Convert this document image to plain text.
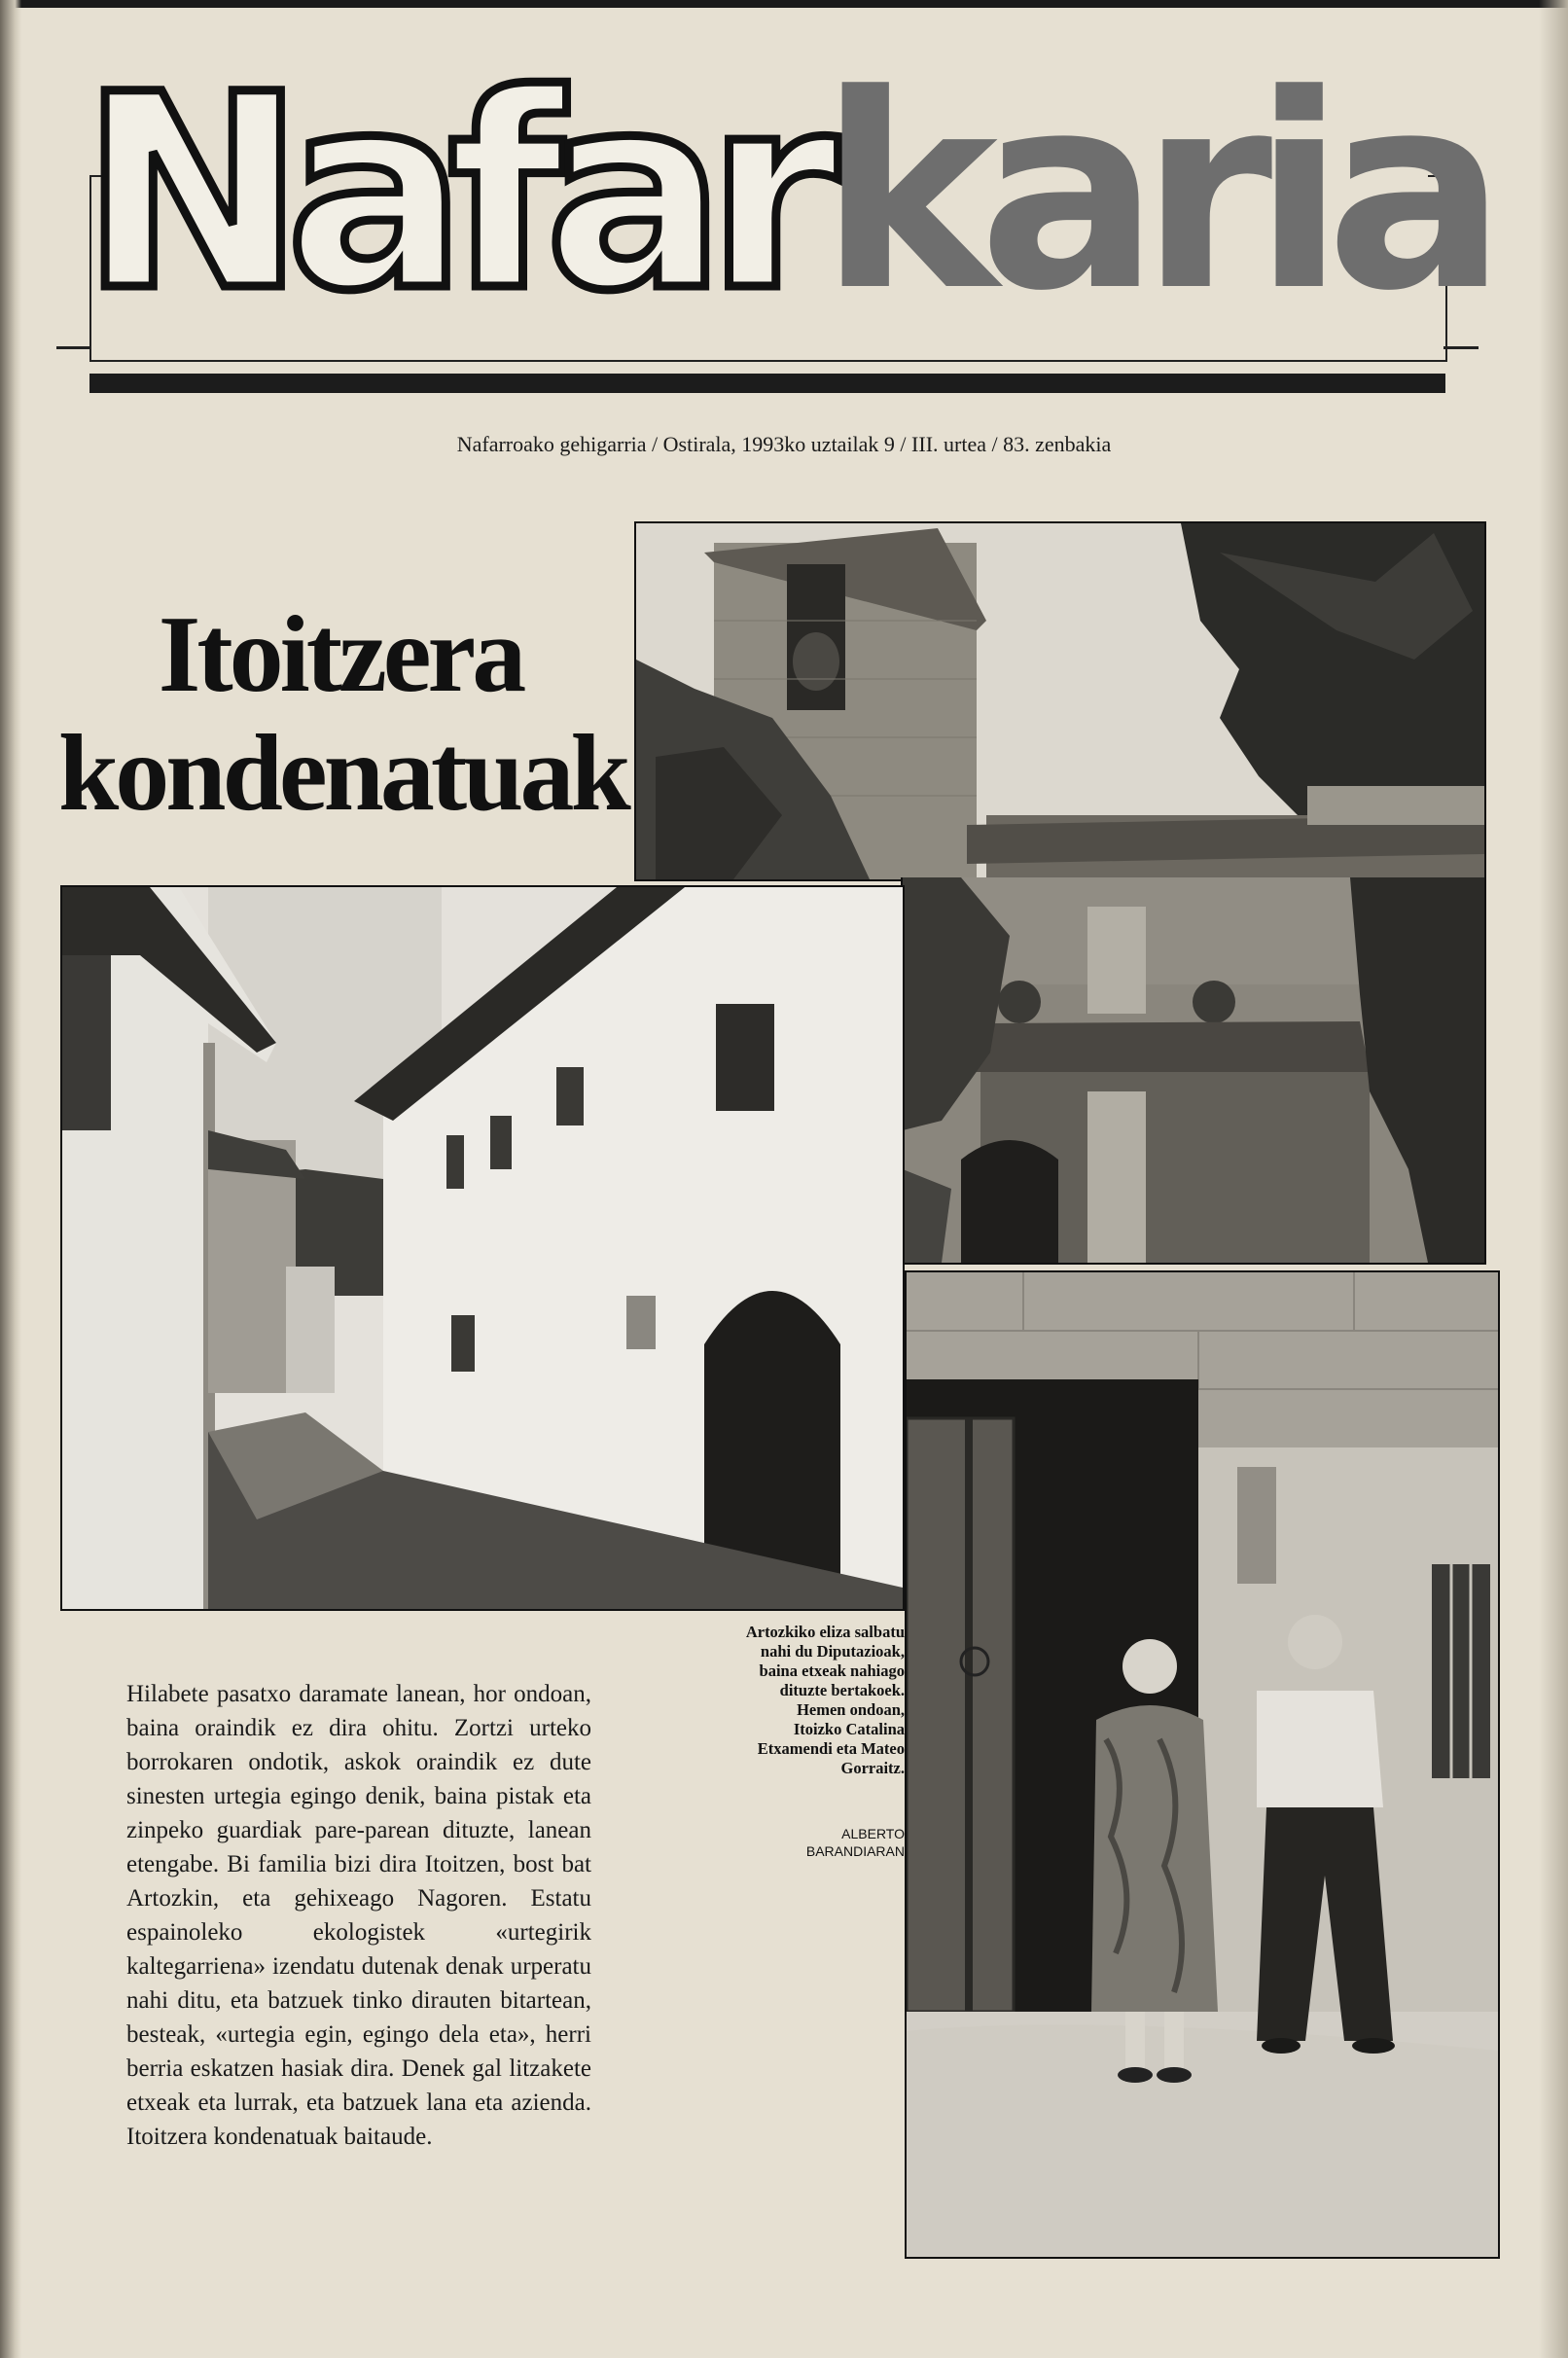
Nafarkaria
Nafarroako gehigarria / Ostirala, 1993ko uztailak 9 / III. urtea / 83. zenbakia
Itoitzera
kondenatuak
Hilabete pasatxo daramate lanean, hor ondoan, baina oraindik ez dira ohitu. Zortzi urteko borrokaren ondotik, askok oraindik ez dute sinesten urtegia egingo denik, baina pistak eta zinpeko guardiak pare-parean dituzte, lanean etengabe. Bi familia bizi dira Itoitzen, bost bat Artozkin, eta gehixeago Nagoren. Estatu espainoleko ekologistek «urtegirik kaltegarriena» izendatu dutenak denak urperatu nahi ditu, eta batzuek tinko dirauten bitartean, besteak, «urtegia egin, egingo dela eta», herri berria eskatzen hasiak dira. Denek gal litzakete etxeak eta lurrak, eta batzuek lana eta azienda. Itoitzera kondenatuak baitaude.
Artozkiko eliza salbatu nahi du Diputazioak, baina etxeak nahiago dituzte bertakoek. Hemen ondoan, Itoizko Catalina Etxamendi eta Mateo Gorraitz.
ALBERTO
BARANDIARAN
